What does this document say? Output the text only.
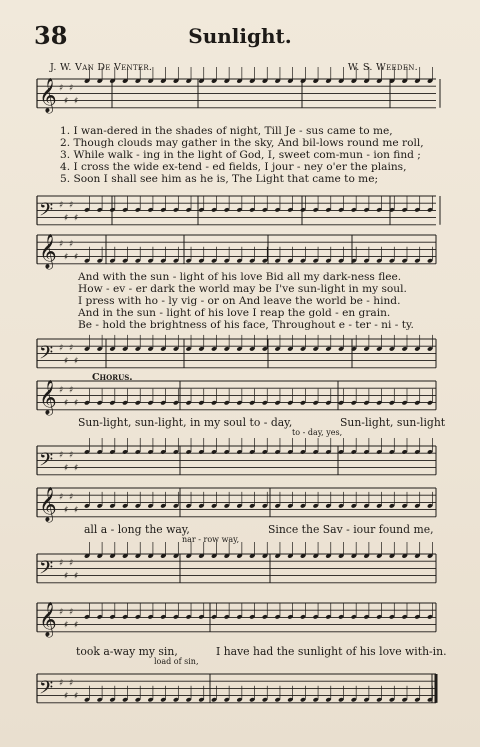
𝄞 ♯
♯
♯
♯
𝄢 ♯
♯
♯
♯
𝄞 ♯
♯
♯
♯
𝄢 ♯
♯
♯
♯
𝄞 ♯
♯
♯
♯
𝄢 ♯
♯
♯
♯
𝄞 ♯
♯
♯
♯
𝄢 ♯
♯
♯
♯
𝄞 ♯
♯
♯
♯
𝄢 ♯
♯
♯
♯
38	Sunlight.
J. W. Van De Venter.	W. S. Weeden.
1. I wan-dered in the shades of night, Till Je - sus came to me,
2. Though clouds may gather in the sky, And bil-lows round me roll,
3. While walk - ing in the light of God, I, sweet com-mun - ion find ;
4. I cross the wide ex-tend - ed fields, I jour - ney o'er the plains,
5. Soon I shall see him as he is, The Light that came to me;
And with the sun - light of his love Bid all my dark-ness flee.
How - ev - er dark the world may be I've sun-light in my soul.
I press with ho - ly vig - or on And leave the world be - hind.
And in the sun - light of his love I reap the gold - en grain.
Be - hold the brightness of his face, Throughout e - ter - ni - ty.
Chorus.
Sun-light, sun-light, in my soul to - day,	Sun-light, sun-light
to - day, yes,
all a - long the way,	Since the Sav - iour found me,
nar - row way,
took a-way my sin,	I have had the sunlight of his love with-in.
load of sin,
